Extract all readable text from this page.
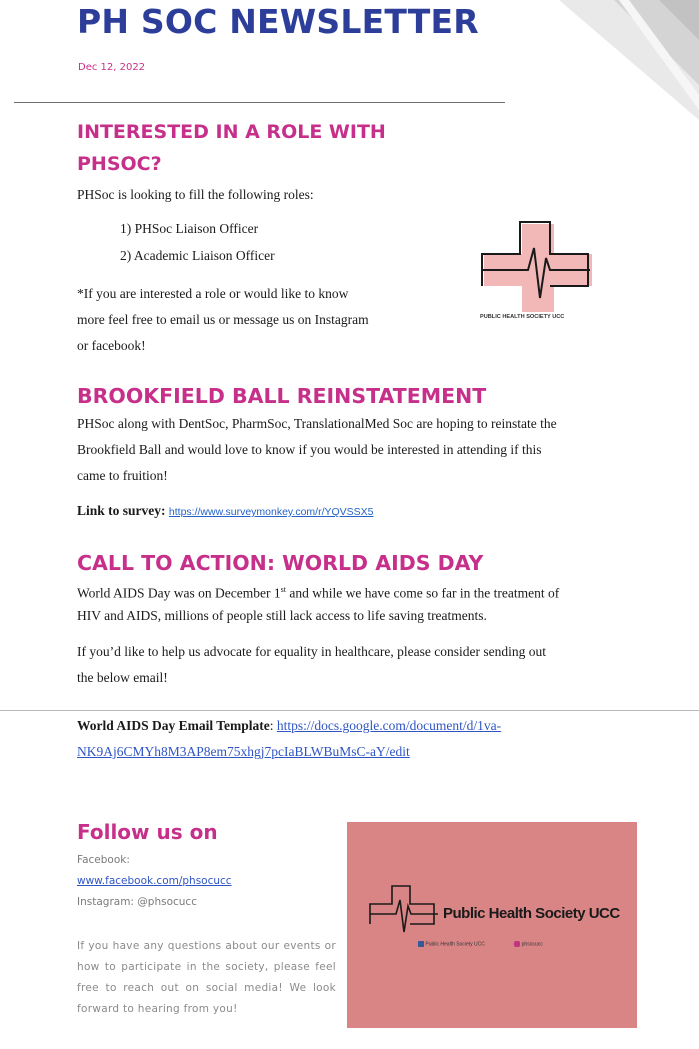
PH SOC NEWSLETTER
Dec 12, 2022
INTERESTED IN A ROLE WITH
PHSOC?
PHSoc is looking to fill the following roles:
1) PHSoc Liaison Officer
2) Academic Liaison Officer
*If you are interested a role or would like to know
more feel free to email us or message us on Instagram
or facebook!
PUBLIC HEALTH SOCIETY UCC
BROOKFIELD BALL REINSTATEMENT
PHSoc along with DentSoc, PharmSoc, TranslationalMed Soc are hoping to reinstate the
Brookfield Ball and would love to know if you would be interested in attending if this
came to fruition!
Link to survey: https://www.surveymonkey.com/r/YQVSSX5
CALL TO ACTION: WORLD AIDS DAY
World AIDS Day was on December 1st and while we have come so far in the treatment of
HIV and AIDS, millions of people still lack access to life saving treatments.
If you’d like to help us advocate for equality in healthcare, please consider sending out
the below email!
World AIDS Day Email Template: https://docs.google.com/document/d/1va-
NK9Aj6CMYh8M3AP8em75xhgj7pcIaBLWBuMsC-aY/edit
Follow us on
Facebook:
www.facebook.com/phsocucc
Instagram: @phsocucc
If you have any questions about our events or how to participate in the society, please feel free to reach out on social media! We look forward to hearing from you!
Public Health Society UCC
Public Health Society UCC	phsocucc
